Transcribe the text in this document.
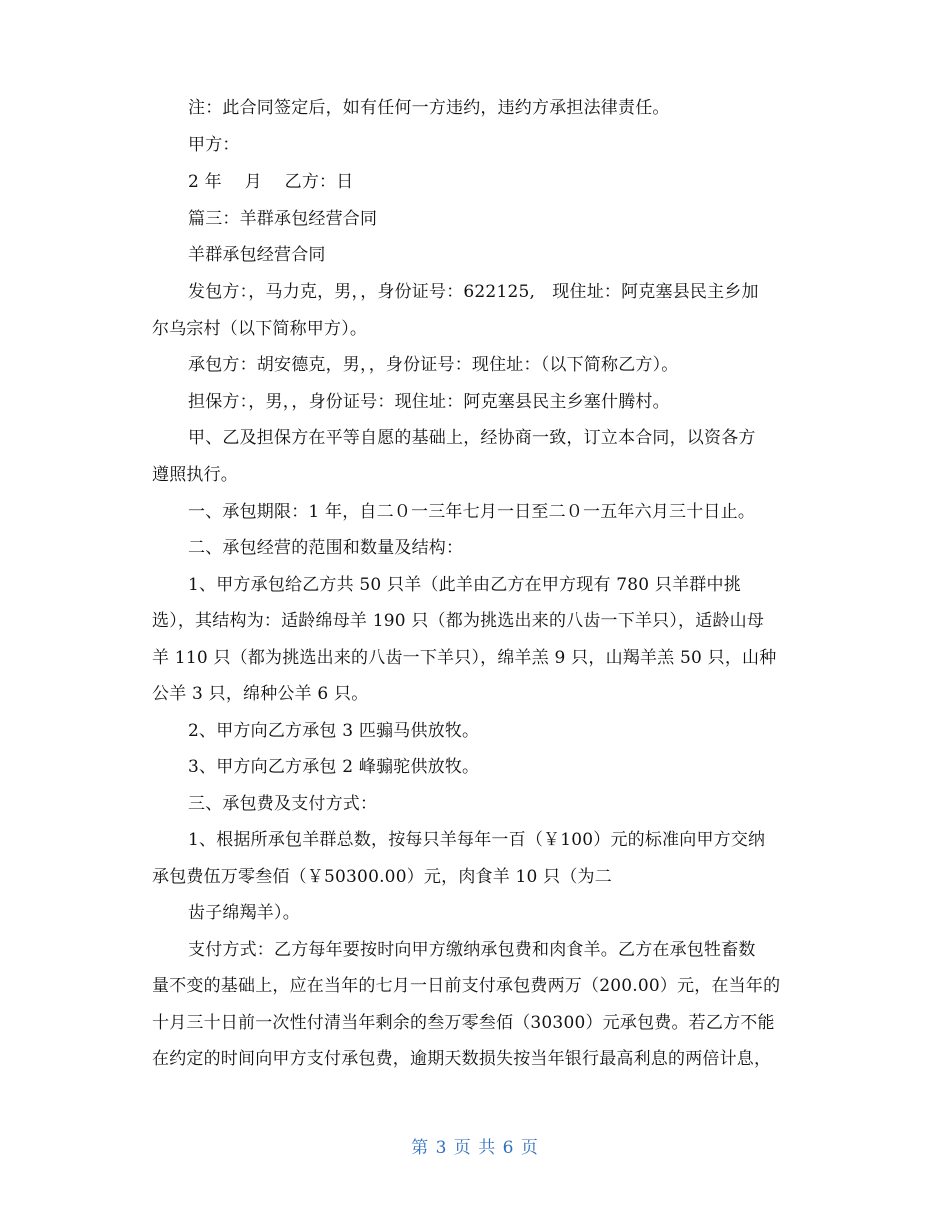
注：此合同签定后，如有任何一方违约，违约方承担法律责任。
甲方：
2 年　 月　 乙方：日
篇三：羊群承包经营合同
羊群承包经营合同
发包方：，马力克，男，，身份证号：622125,　现住址：阿克塞县民主乡加
尔乌宗村（以下简称甲方）。
承包方：胡安德克，男，，身份证号：现住址：（以下简称乙方）。
担保方：，男，，身份证号：现住址：阿克塞县民主乡塞什腾村。
甲、乙及担保方在平等自愿的基础上，经协商一致，订立本合同，以资各方
遵照执行。
一、承包期限：1 年，自二０一三年七月一日至二０一五年六月三十日止。
二、承包经营的范围和数量及结构：
1、甲方承包给乙方共 50 只羊（此羊由乙方在甲方现有 780 只羊群中挑
选），其结构为：适龄绵母羊 190 只（都为挑选出来的八齿一下羊只），适龄山母
羊 110 只（都为挑选出来的八齿一下羊只），绵羊羔 9 只，山羯羊羔 50 只，山种
公羊 3 只，绵种公羊 6 只。
2、甲方向乙方承包 3 匹骟马供放牧。
3、甲方向乙方承包 2 峰骟驼供放牧。
三、承包费及支付方式：
1、根据所承包羊群总数，按每只羊每年一百（￥100）元的标准向甲方交纳
承包费伍万零叁佰（￥50300.00）元，肉食羊 10 只（为二
齿子绵羯羊）。
支付方式：乙方每年要按时向甲方缴纳承包费和肉食羊。乙方在承包牲畜数
量不变的基础上，应在当年的七月一日前支付承包费两万（200.00）元，在当年的
十月三十日前一次性付清当年剩余的叁万零叁佰（30300）元承包费。若乙方不能
在约定的时间向甲方支付承包费，逾期天数损失按当年银行最高利息的两倍计息，
第 3 页 共 6 页
